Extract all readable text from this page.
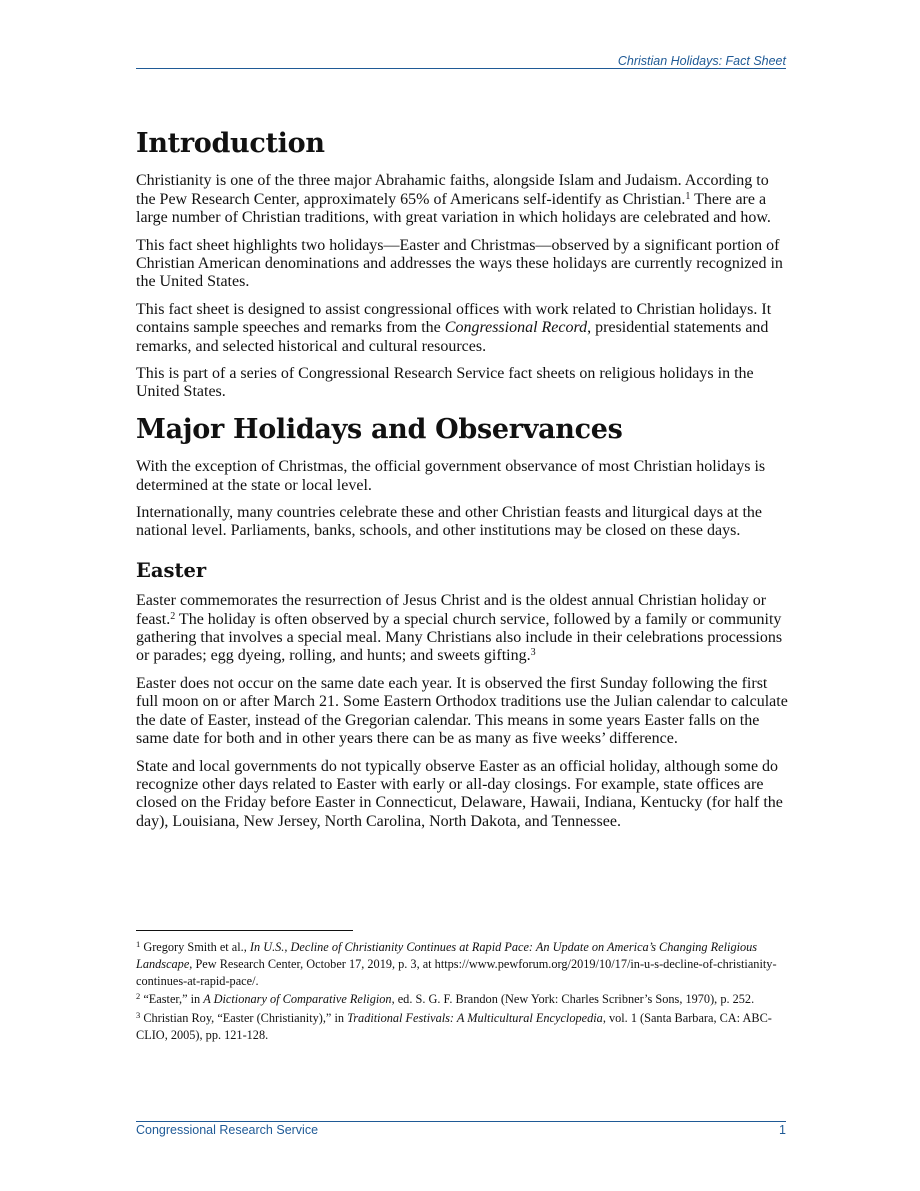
Christian Holidays: Fact Sheet
Introduction

Christianity is one of the three major Abrahamic faiths, alongside Islam and Judaism. According to the Pew Research Center, approximately 65% of Americans self-identify as Christian.$^1$ There are a large number of Christian traditions, with great variation in which holidays are celebrated and how.

This fact sheet highlights two holidays—Easter and Christmas—observed by a significant portion of Christian American denominations and addresses the ways these holidays are currently recognized in the United States.

This fact sheet is designed to assist congressional offices with work related to Christian holidays. It contains sample speeches and remarks from the Congressional Record, presidential statements and remarks, and selected historical and cultural resources.

This is part of a series of Congressional Research Service fact sheets on religious holidays in the United States.

Major Holidays and Observances

With the exception of Christmas, the official government observance of most Christian holidays is determined at the state or local level.

Internationally, many countries celebrate these and other Christian feasts and liturgical days at the national level. Parliaments, banks, schools, and other institutions may be closed on these days.

Easter

Easter commemorates the resurrection of Jesus Christ and is the oldest annual Christian holiday or feast.$^2$ The holiday is often observed by a special church service, followed by a family or community gathering that involves a special meal. Many Christians also include in their celebrations processions or parades; egg dyeing, rolling, and hunts; and sweets gifting.$^3$

Easter does not occur on the same date each year. It is observed the first Sunday following the first full moon on or after March 21. Some Eastern Orthodox traditions use the Julian calendar to calculate the date of Easter, instead of the Gregorian calendar. This means in some years Easter falls on the same date for both and in other years there can be as many as five weeks’ difference.

State and local governments do not typically observe Easter as an official holiday, although some do recognize other days related to Easter with early or all-day closings. For example, state offices are closed on the Friday before Easter in Connecticut, Delaware, Hawaii, Indiana, Kentucky (for half the day), Louisiana, New Jersey, North Carolina, North Dakota, and Tennessee.

$^1$ Gregory Smith et al., In U.S., Decline of Christianity Continues at Rapid Pace: An Update on America’s Changing Religious Landscape, Pew Research Center, October 17, 2019, p. 3, at https://www.pewforum.org/2019/10/17/in-u-s-decline-of-christianity-continues-at-rapid-pace/.

$^2$ “Easter,” in A Dictionary of Comparative Religion, ed. S. G. F. Brandon (New York: Charles Scribner’s Sons, 1970), p. 252.

$^3$ Christian Roy, “Easter (Christianity),” in Traditional Festivals: A Multicultural Encyclopedia, vol. 1 (Santa Barbara, CA: ABC-CLIO, 2005), pp. 121-128.

Congressional Research Service	1
